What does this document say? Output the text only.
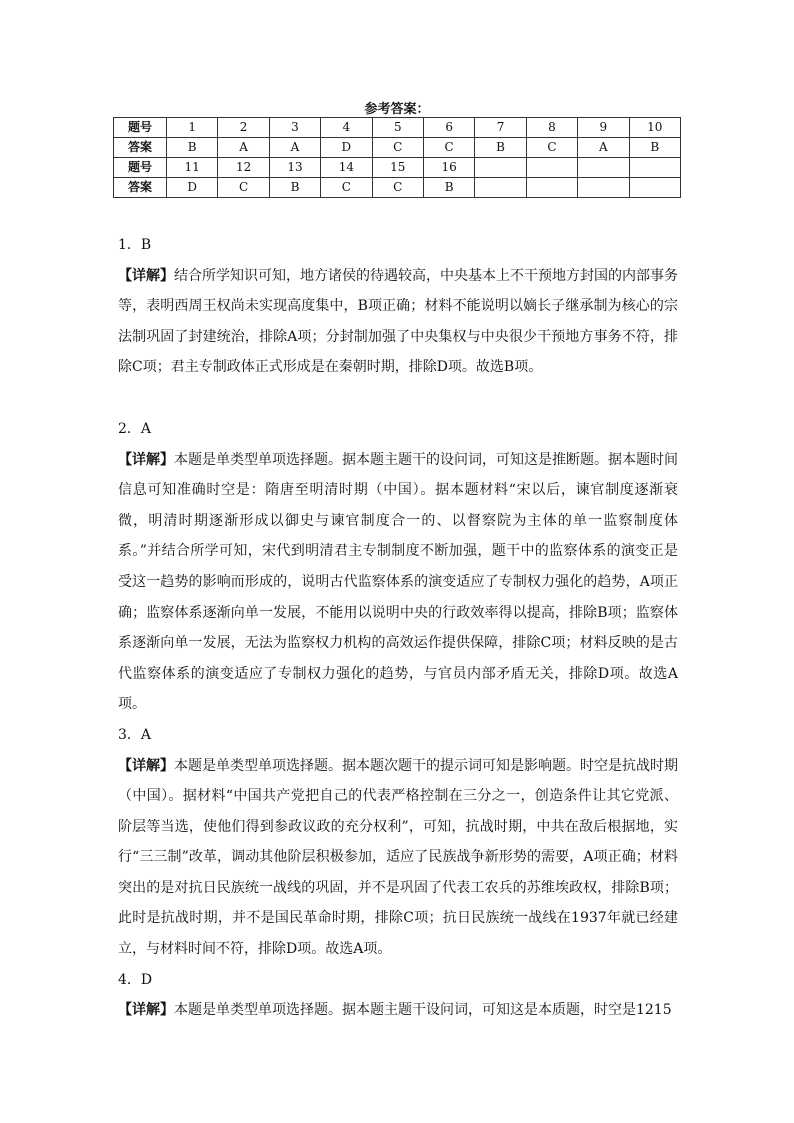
参考答案：
题号	1	2	3	4	5	6	7	8	9	10
答案	B	A	A	D	C	C	B	C	A	B
题号	11	12	13	14	15	16				
答案	D	C	B	C	C	B				

1．B

【详解】结合所学知识可知，地方诸侯的待遇较高，中央基本上不干预地方封国的内部事务等，表明西周王权尚未实现高度集中，B项正确；材料不能说明以嫡长子继承制为核心的宗法制巩固了封建统治，排除A项；分封制加强了中央集权与中央很少干预地方事务不符，排除C项；君主专制政体正式形成是在秦朝时期，排除D项。故选B项。

2．A

【详解】本题是单类型单项选择题。据本题主题干的设问词，可知这是推断题。据本题时间信息可知准确时空是：隋唐至明清时期（中国）。据本题材料“宋以后，谏官制度逐渐衰微，明清时期逐渐形成以御史与谏官制度合一的、以督察院为主体的单一监察制度体系。”并结合所学可知，宋代到明清君主专制制度不断加强，题干中的监察体系的演变正是受这一趋势的影响而形成的，说明古代监察体系的演变适应了专制权力强化的趋势，A项正确；监察体系逐渐向单一发展，不能用以说明中央的行政效率得以提高，排除B项；监察体系逐渐向单一发展，无法为监察权力机构的高效运作提供保障，排除C项；材料反映的是古代监察体系的演变适应了专制权力强化的趋势，与官员内部矛盾无关，排除D项。故选A项。

3．A

【详解】本题是单类型单项选择题。据本题次题干的提示词可知是影响题。时空是抗战时期（中国）。据材料“中国共产党把自己的代表严格控制在三分之一，创造条件让其它党派、阶层等当选，使他们得到参政议政的充分权利”，可知，抗战时期，中共在敌后根据地，实行“三三制”改革，调动其他阶层积极参加，适应了民族战争新形势的需要，A项正确；材料突出的是对抗日民族统一战线的巩固，并不是巩固了代表工农兵的苏维埃政权，排除B项；此时是抗战时期，并不是国民革命时期，排除C项；抗日民族统一战线在1937年就已经建立，与材料时间不符，排除D项。故选A项。

4．D

【详解】本题是单类型单项选择题。据本题主题干设问词，可知这是本质题，时空是1215
